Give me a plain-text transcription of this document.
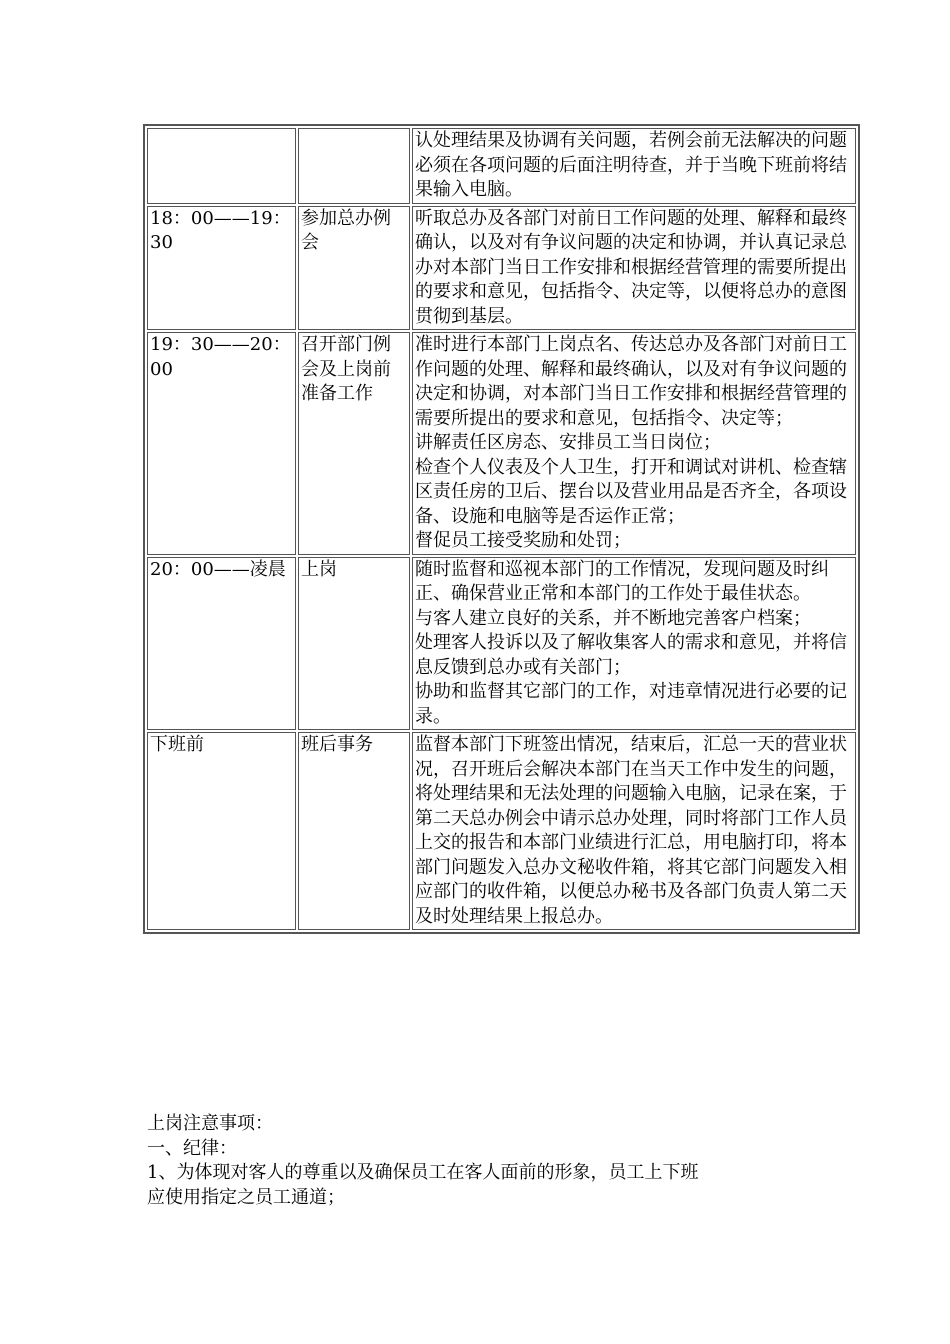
		认处理结果及协调有关问题，若例会前无法解决的问题必须在各项问题的后面注明待查，并于当晚下班前将结果输入电脑。

18：00——19：30	参加总办例会	听取总办及各部门对前日工作问题的处理、解释和最终确认，以及对有争议问题的决定和协调，并认真记录总办对本部门当日工作安排和根据经营管理的需要所提出的要求和意见，包括指令、决定等，以便将总办的意图贯彻到基层。

19：30——20：00	召开部门例会及上岗前准备工作	准时进行本部门上岗点名、传达总办及各部门对前日工作问题的处理、解释和最终确认，以及对有争议问题的决定和协调，对本部门当日工作安排和根据经营管理的需要所提出的要求和意见，包括指令、决定等；
讲解责任区房态、安排员工当日岗位；
检查个人仪表及个人卫生，打开和调试对讲机、检查辖区责任房的卫后、摆台以及营业用品是否齐全，各项设备、设施和电脑等是否运作正常；
督促员工接受奖励和处罚；

20：00——凌晨	上岗	随时监督和巡视本部门的工作情况，发现问题及时纠正、确保营业正常和本部门的工作处于最佳状态。
与客人建立良好的关系，并不断地完善客户档案；
处理客人投诉以及了解收集客人的需求和意见，并将信息反馈到总办或有关部门；
协助和监督其它部门的工作，对违章情况进行必要的记录。

下班前	班后事务	监督本部门下班签出情况，结束后，汇总一天的营业状况，召开班后会解决本部门在当天工作中发生的问题，将处理结果和无法处理的问题输入电脑，记录在案，于第二天总办例会中请示总办处理，同时将部门工作人员上交的报告和本部门业绩进行汇总，用电脑打印，将本部门问题发入总办文秘收件箱，将其它部门问题发入相应部门的收件箱，以便总办秘书及各部门负责人第二天及时处理结果上报总办。
上岗注意事项：
一、纪律：
1、为体现对客人的尊重以及确保员工在客人面前的形象，员工上下班
应使用指定之员工通道；
